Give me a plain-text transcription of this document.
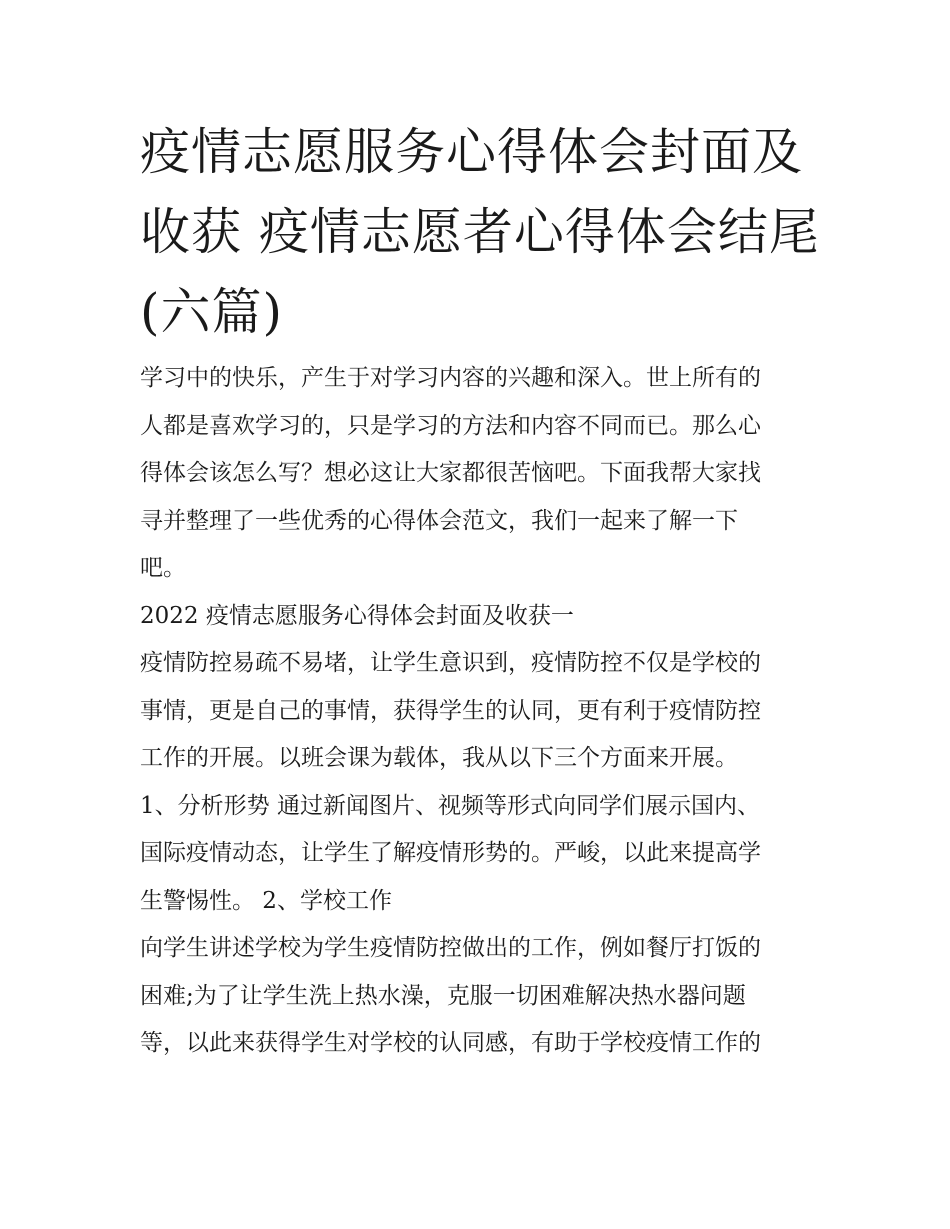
疫情志愿服务心得体会封面及
收获 疫情志愿者心得体会结尾
(六篇)
学习中的快乐，产生于对学习内容的兴趣和深入。世上所有的
人都是喜欢学习的，只是学习的方法和内容不同而已。那么心
得体会该怎么写？想必这让大家都很苦恼吧。下面我帮大家找
寻并整理了一些优秀的心得体会范文，我们一起来了解一下
吧。
2022 疫情志愿服务心得体会封面及收获一
疫情防控易疏不易堵，让学生意识到，疫情防控不仅是学校的
事情，更是自己的事情，获得学生的认同，更有利于疫情防控
工作的开展。以班会课为载体，我从以下三个方面来开展。
1、分析形势 通过新闻图片、视频等形式向同学们展示国内、
国际疫情动态，让学生了解疫情形势的。严峻，以此来提高学
生警惕性。 2、学校工作
向学生讲述学校为学生疫情防控做出的工作，例如餐厅打饭的
困难;为了让学生洗上热水澡，克服一切困难解决热水器问题
等，以此来获得学生对学校的认同感，有助于学校疫情工作的
